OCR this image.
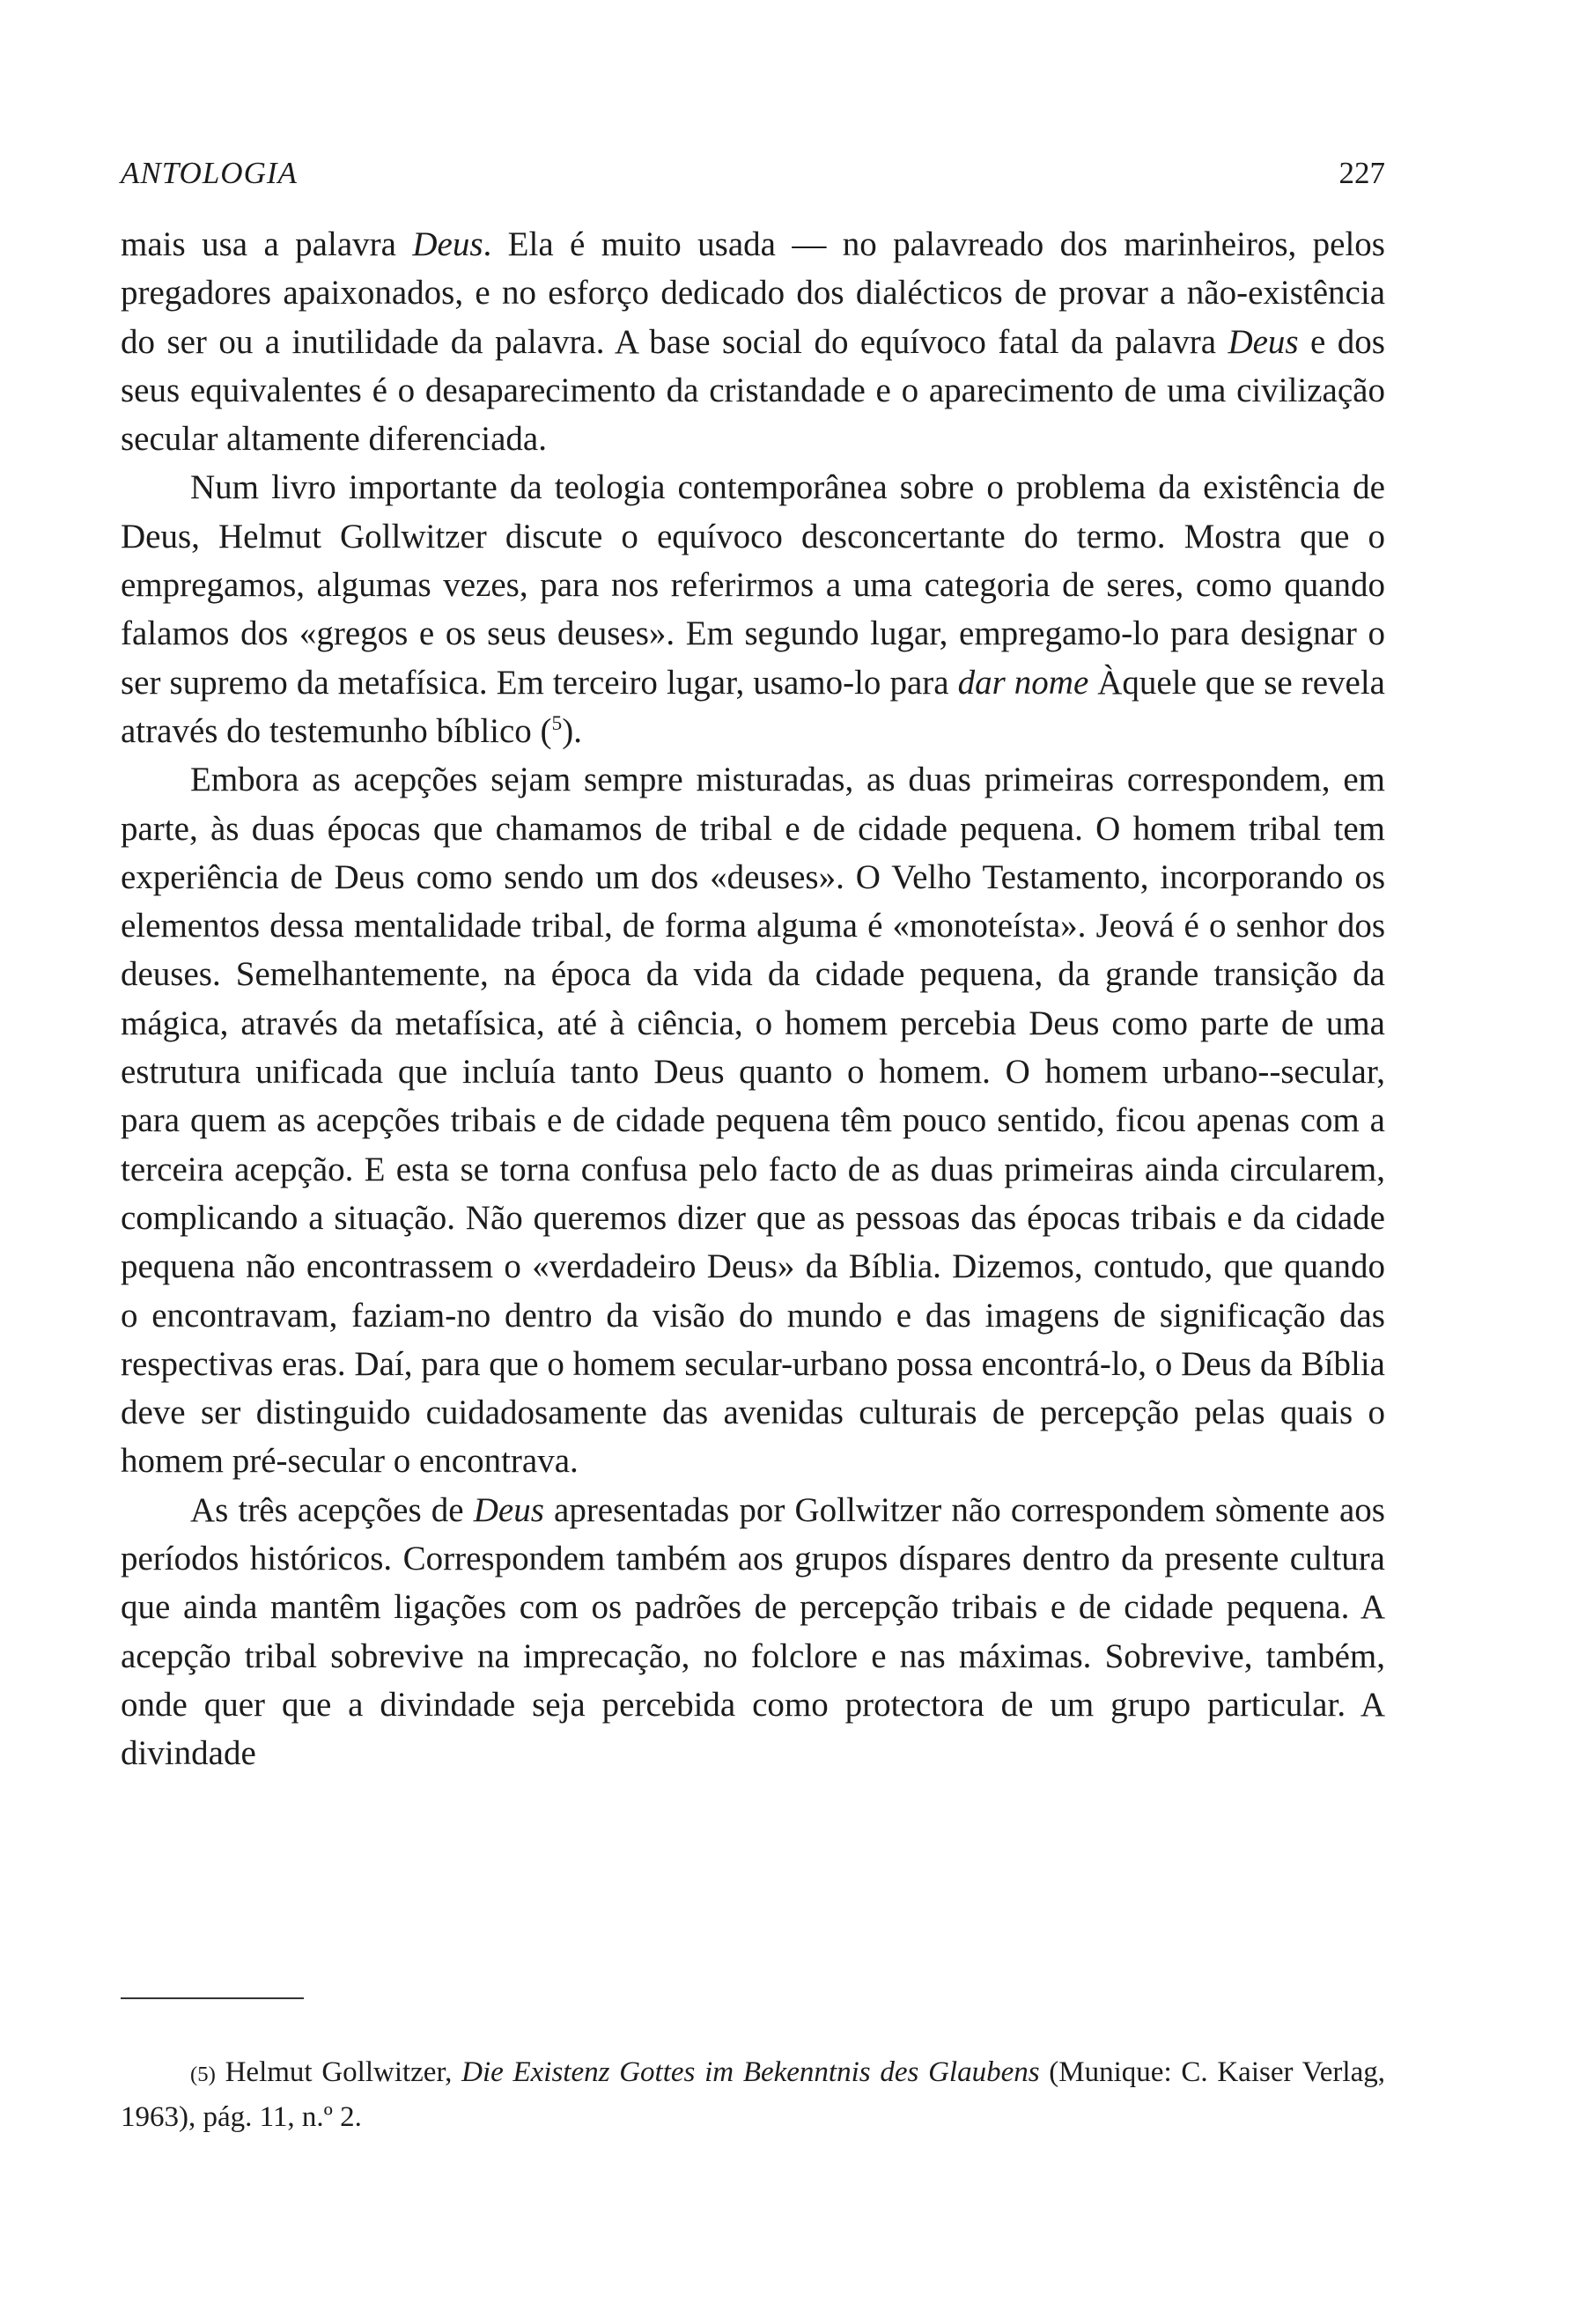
ANTOLOGIA	227

mais usa a palavra Deus. Ela é muito usada — no palavreado dos marinheiros, pelos pregadores apaixonados, e no esforço dedicado dos dialécticos de provar a não-existência do ser ou a inutilidade da palavra. A base social do equívoco fatal da palavra Deus e dos seus equivalentes é o desaparecimento da cristandade e o aparecimento de uma civilização secular altamente diferenciada.

Num livro importante da teologia contemporânea sobre o problema da existência de Deus, Helmut Gollwitzer discute o equívoco desconcertante do termo. Mostra que o empregamos, algumas vezes, para nos referirmos a uma categoria de seres, como quando falamos dos «gregos e os seus deuses». Em segundo lugar, empregamo-lo para designar o ser supremo da metafísica. Em terceiro lugar, usamo-lo para dar nome Àquele que se revela através do testemunho bíblico ($^5$).

Embora as acepções sejam sempre misturadas, as duas primeiras correspondem, em parte, às duas épocas que chamamos de tribal e de cidade pequena. O homem tribal tem experiência de Deus como sendo um dos «deuses». O Velho Testamento, incorporando os elementos dessa mentalidade tribal, de forma alguma é «monoteísta». Jeová é o senhor dos deuses. Semelhantemente, na época da vida da cidade pequena, da grande transição da mágica, através da metafísica, até à ciência, o homem percebia Deus como parte de uma estrutura unificada que incluía tanto Deus quanto o homem. O homem urbano--secular, para quem as acepções tribais e de cidade pequena têm pouco sentido, ficou apenas com a terceira acepção. E esta se torna confusa pelo facto de as duas primeiras ainda circularem, complicando a situação. Não queremos dizer que as pessoas das épocas tribais e da cidade pequena não encontrassem o «verdadeiro Deus» da Bíblia. Dizemos, contudo, que quando o encontravam, faziam-no dentro da visão do mundo e das imagens de significação das respectivas eras. Daí, para que o homem secular-urbano possa encontrá-lo, o Deus da Bíblia deve ser distinguido cuidadosamente das avenidas culturais de percepção pelas quais o homem pré-secular o encontrava.

As três acepções de Deus apresentadas por Gollwitzer não correspondem sòmente aos períodos históricos. Correspondem também aos grupos díspares dentro da presente cultura que ainda mantêm ligações com os padrões de percepção tribais e de cidade pequena. A acepção tribal sobrevive na imprecação, no folclore e nas máximas. Sobrevive, também, onde quer que a divindade seja percebida como protectora de um grupo particular. A divindade

(5) Helmut Gollwitzer, Die Existenz Gottes im Bekenntnis des Glaubens (Munique: C. Kaiser Verlag, 1963), pág. 11, n.º 2.
